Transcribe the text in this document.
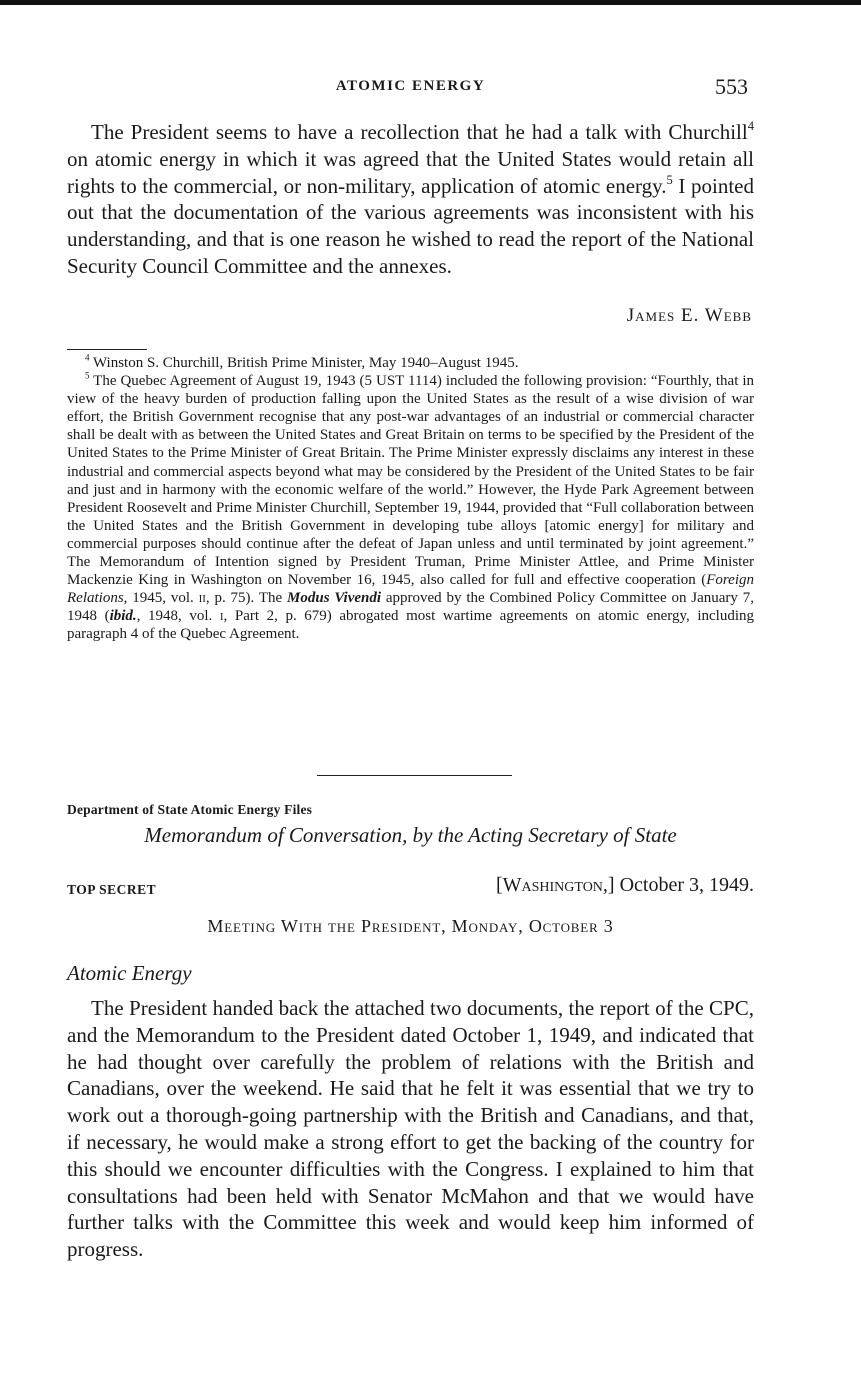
ATOMIC ENERGY	553

The President seems to have a recollection that he had a talk with Churchill$^4$ on atomic energy in which it was agreed that the United States would retain all rights to the commercial, or non-military, application of atomic energy.$^5$ I pointed out that the documentation of the various agreements was inconsistent with his understanding, and that is one reason he wished to read the report of the National Security Council Committee and the annexes.

James E. Webb

$^4$ Winston S. Churchill, British Prime Minister, May 1940–August 1945.

$^5$ The Quebec Agreement of August 19, 1943 (5 UST 1114) included the following provision: “Fourthly, that in view of the heavy burden of production falling upon the United States as the result of a wise division of war effort, the British Government recognise that any post-war advantages of an industrial or commercial character shall be dealt with as between the United States and Great Britain on terms to be specified by the President of the United States to the Prime Minister of Great Britain. The Prime Minister expressly disclaims any interest in these industrial and commercial aspects beyond what may be considered by the President of the United States to be fair and just and in harmony with the economic welfare of the world.” However, the Hyde Park Agreement between President Roosevelt and Prime Minister Churchill, September 19, 1944, provided that “Full collaboration between the United States and the British Government in developing tube alloys [atomic energy] for military and commercial purposes should continue after the defeat of Japan unless and until terminated by joint agreement.” The Memorandum of Intention signed by President Truman, Prime Minister Attlee, and Prime Minister Mackenzie King in Washington on November 16, 1945, also called for full and effective cooperation (Foreign Relations, 1945, vol. ii, p. 75). The Modus Vivendi approved by the Combined Policy Committee on January 7, 1948 (ibid., 1948, vol. i, Part 2, p. 679) abrogated most wartime agreements on atomic energy, including paragraph 4 of the Quebec Agreement.

Department of State Atomic Energy Files
Memorandum of Conversation, by the Acting Secretary of State
TOP SECRET	[Washington,] October 3, 1949.
Meeting With the President, Monday, October 3
Atomic Energy

The President handed back the attached two documents, the report of the CPC, and the Memorandum to the President dated October 1, 1949, and indicated that he had thought over carefully the problem of relations with the British and Canadians, over the weekend. He said that he felt it was essential that we try to work out a thorough-going partnership with the British and Canadians, and that, if necessary, he would make a strong effort to get the backing of the country for this should we encounter difficulties with the Congress. I explained to him that consultations had been held with Senator McMahon and that we would have further talks with the Committee this week and would keep him informed of progress.
